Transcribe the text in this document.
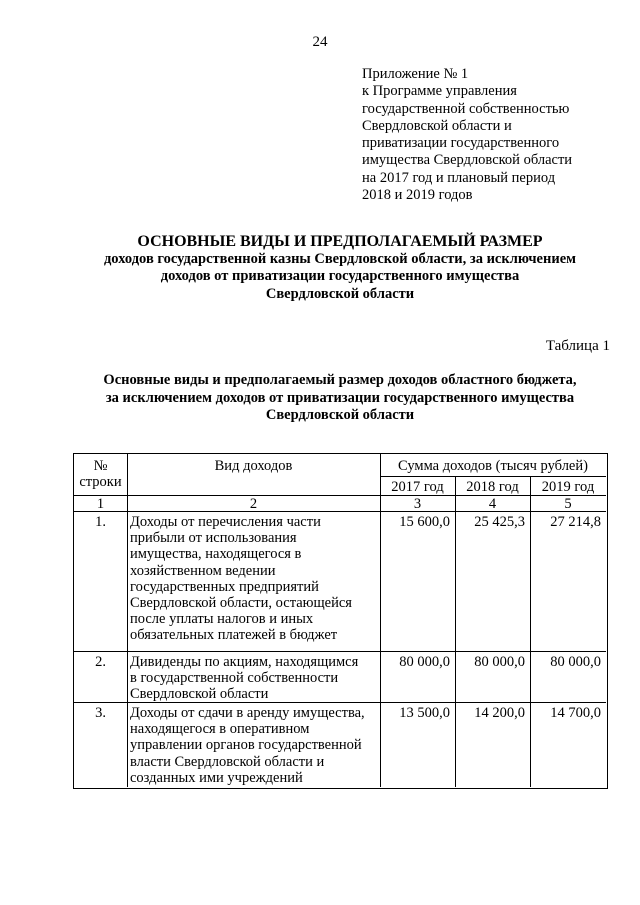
24
Приложение № 1
к Программе управления
государственной собственностью
Свердловской области и
приватизации государственного
имущества Свердловской области
на 2017 год и плановый период
2018 и 2019 годов
ОСНОВНЫЕ ВИДЫ И ПРЕДПОЛАГАЕМЫЙ РАЗМЕР
доходов государственной казны Свердловской области, за исключением
доходов от приватизации государственного имущества
Свердловской области
Таблица 1
Основные виды и предполагаемый размер доходов областного бюджета,
за исключением доходов от приватизации государственного имущества
Свердловской области
№
строки
Вид доходов	Сумма доходов (тысяч рублей)
2017 год	2018 год	2019 год
1	2	3	4	5
1.	Доходы от перечисления части
прибыли от использования
имущества, находящегося в
хозяйственном ведении
государственных предприятий
Свердловской области, остающейся
после уплаты налогов и иных
обязательных платежей в бюджет
15 600,0	25 425,3	27 214,8
2.	Дивиденды по акциям, находящимся
в государственной собственности
Свердловской области
80 000,0	80 000,0	80 000,0
3.	Доходы от сдачи в аренду имущества,
находящегося в оперативном
управлении органов государственной
власти Свердловской области и
созданных ими учреждений
13 500,0	14 200,0	14 700,0
